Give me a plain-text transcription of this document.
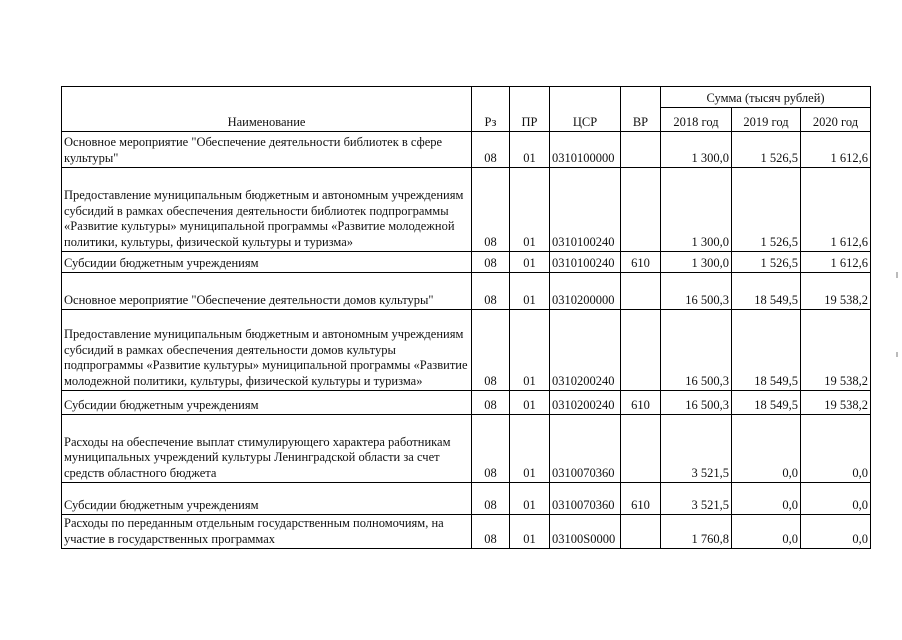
Наименование	Рз	ПР	ЦСР	ВР	Сумма (тысяч рублей)		
					2018 год	2019 год	2020 год
Основное мероприятие "Обеспечение деятельности библиотек в сфере культуры"	08	01	0310100000		1 300,0	1 526,5	1 612,6
Предоставление муниципальным бюджетным и автономным учреждениям субсидий в рамках обеспечения деятельности библиотек подпрограммы «Развитие культуры» муниципальной программы «Развитие молодежной политики, культуры, физической культуры и туризма»	08	01	0310100240		1 300,0	1 526,5	1 612,6
Субсидии бюджетным учреждениям	08	01	0310100240	610	1 300,0	1 526,5	1 612,6
Основное мероприятие "Обеспечение деятельности домов культуры"	08	01	0310200000		16 500,3	18 549,5	19 538,2
Предоставление муниципальным бюджетным и автономным учреждениям субсидий в рамках обеспечения деятельности домов культуры подпрограммы «Развитие культуры» муниципальной программы «Развитие молодежной политики, культуры, физической культуры и туризма»	08	01	0310200240		16 500,3	18 549,5	19 538,2
Субсидии бюджетным учреждениям	08	01	0310200240	610	16 500,3	18 549,5	19 538,2
Расходы на обеспечение выплат стимулирующего характера работникам муниципальных учреждений культуры Ленинградской области за счет средств областного бюджета	08	01	0310070360		3 521,5	0,0	0,0
Субсидии бюджетным учреждениям	08	01	0310070360	610	3 521,5	0,0	0,0
Расходы по переданным отдельным государственным полномочиям, на участие в государственных программах	08	01	03100S0000		1 760,8	0,0	0,0
